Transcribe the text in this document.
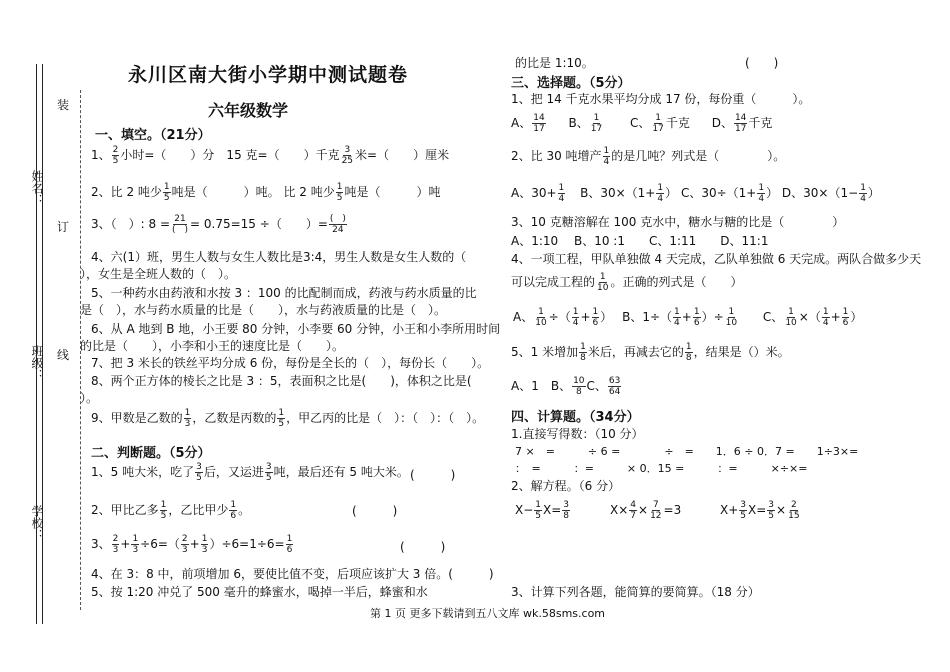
装
订
线
姓名：
班级：
学校：
永川区南大街小学期中测试题卷
六年级数学
一、填空。（21分）
1、 $\frac{2}{5}$ 小时=（　　）分　15 克=（　　）千克 $\frac{3}{25}$ 米=（　　）厘米
2、比 2 吨少 $\frac{1}{5}$ 吨是（　　　）吨。 比 2 吨少 $\frac{1}{5}$ 吨是（　　　）吨
3、（　）: $8 = \frac{21}{( )} = 0.75=15$ ÷（　　）= $\frac{( )}{24}$
4、六(1）班，男生人数与女生人数比是3:4，男生人数是女生人数的（
），女生是全班人数的（　）。
5、一种药水由药液和水按 3 ：100 的比配制而成，药液与药水质量的比
是（　），水与药水质量的比是（　　），水与药液质量的比是（　）。
6、从 A 地到 B 地，小王要 80 分钟，小李要 60 分钟，小王和小李所用时间
的比是（　　），小李和小王的速度比是（　　）。
7、把 3 米长的铁丝平均分成 6 份，每份是全长的（　），每份长（　　）。
8、两个正方体的棱长之比是 3 ：5，表面积之比是(　　)，体积之比是(
）。
9、甲数是乙数的 $\frac{1}{3}$ ，乙数是丙数的 $\frac{1}{5}$ ，甲乙丙的比是（　）：（　）：（　）。
二、判断题。（5分）
1、5 吨大米，吃了 $\frac{3}{5}$ 后，又运进 $\frac{3}{5}$ 吨，最后还有 5 吨大米。 (　　　)
2、甲比乙多 $\frac{1}{5}$ ，乙比甲少 $\frac{1}{6}$ 。	(　　　)
3、 $\frac{2}{3} + \frac{1}{3} \div 6=( \frac{2}{3} + \frac{1}{3} )\div 6=1\div 6= \frac{1}{6}$	(　　　)
4、在 3：8 中，前项增加 6，要使比值不变，后项应该扩大 3 倍。(　　　)
5、按 1:20 冲兑了 500 毫升的蜂蜜水，喝掉一半后，蜂蜜和水
的比是 1:10。	(　　)
三、选择题。（5分）
1、把 14 千克水果平均分成 17 份，每份重（　　　）。
A、 $\frac{14}{17}$ B、 $\frac{1}{17}$ C、 $\frac{1}{17}$ 千克 D、 $\frac{14}{17}$ 千克
2、比 30 吨增产 $\frac{1}{4}$ 的是几吨？列式是（　　　　）。
A、$30+ \frac{1}{4}$ B、$30\times(1+ \frac{1}{4}$ ） C、$30\div(1+ \frac{1}{4}$ ） D、$30\times(1- \frac{1}{4}$ ）
3、10 克糖溶解在 100 克水中，糖水与糖的比是（　　　　）
A、1:10　 B、10 :1　　C、1:11　　D、11:1
4、一项工程，甲队单独做 4 天完成，乙队单独做 6 天完成。两队合做多少天
可以完成工程的 $\frac{1}{10}$ 。正确的列式是（　　）
A、 $\frac{1}{10}$ ÷（ $\frac{1}{4} + \frac{1}{6}$ ） B、$1\div( \frac{1}{4} + \frac{1}{6}$ ）÷ $\frac{1}{10}$ C、 $\frac{1}{10}$ ×（ $\frac{1}{4} + \frac{1}{6}$ ）
5、1 米增加 $\frac{1}{8}$ 米后，再减去它的 $\frac{1}{8}$ ，结果是（）米。
A、1　B、 $\frac{10}{8}$ C、 $\frac{63}{64}$
四、计算题。（34分）
1.直接写得数：（10 分）
7 ×　=　　　÷ 6 =　　　　÷　=　　1．6 ÷ 0．7 =　　1÷3×=
：　=　　　：=　　　× 0．15 =　　　：=　　　×÷×=
2、解方程。（6 分）
$X- \frac{1}{5} X= \frac{3}{8}$	$X\times \frac{4}{7} \times \frac{7}{12} =3$	$X+ \frac{3}{5} X= \frac{3}{5} \times \frac{2}{15}$
3、计算下列各题，能简算的要简算。（18 分）
第 1 页 更多下载请到五八文库 wk.58sms.com
